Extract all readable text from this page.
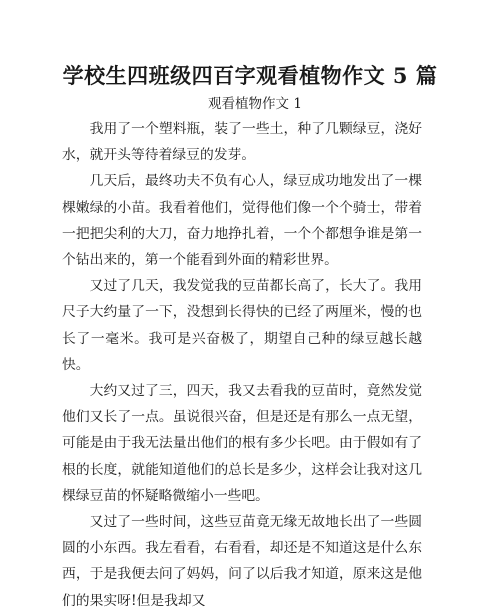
学校生四班级四百字观看植物作文 5 篇

观看植物作文 1

我用了一个塑料瓶，装了一些土，种了几颗绿豆，浇好水，就开头等待着绿豆的发芽。

几天后，最终功夫不负有心人，绿豆成功地发出了一棵棵嫩绿的小苗。我看着他们，觉得他们像一个个骑士，带着一把把尖利的大刀，奋力地挣扎着，一个个都想争谁是第一个钻出来的，第一个能看到外面的精彩世界。

又过了几天，我发觉我的豆苗都长高了，长大了。我用尺子大约量了一下，没想到长得快的已经了两厘米，慢的也长了一毫米。我可是兴奋极了，期望自己种的绿豆越长越快。

大约又过了三，四天，我又去看我的豆苗时，竟然发觉他们又长了一点。虽说很兴奋，但是还是有那么一点无望，可能是由于我无法量出他们的根有多少长吧。由于假如有了根的长度，就能知道他们的总长是多少，这样会让我对这几棵绿豆苗的怀疑略微缩小一些吧。

又过了一些时间，这些豆苗竟无缘无故地长出了一些圆圆的小东西。我左看看，右看看，却还是不知道这是什么东西，于是我便去问了妈妈，问了以后我才知道，原来这是他们的果实呀!但是我却又
